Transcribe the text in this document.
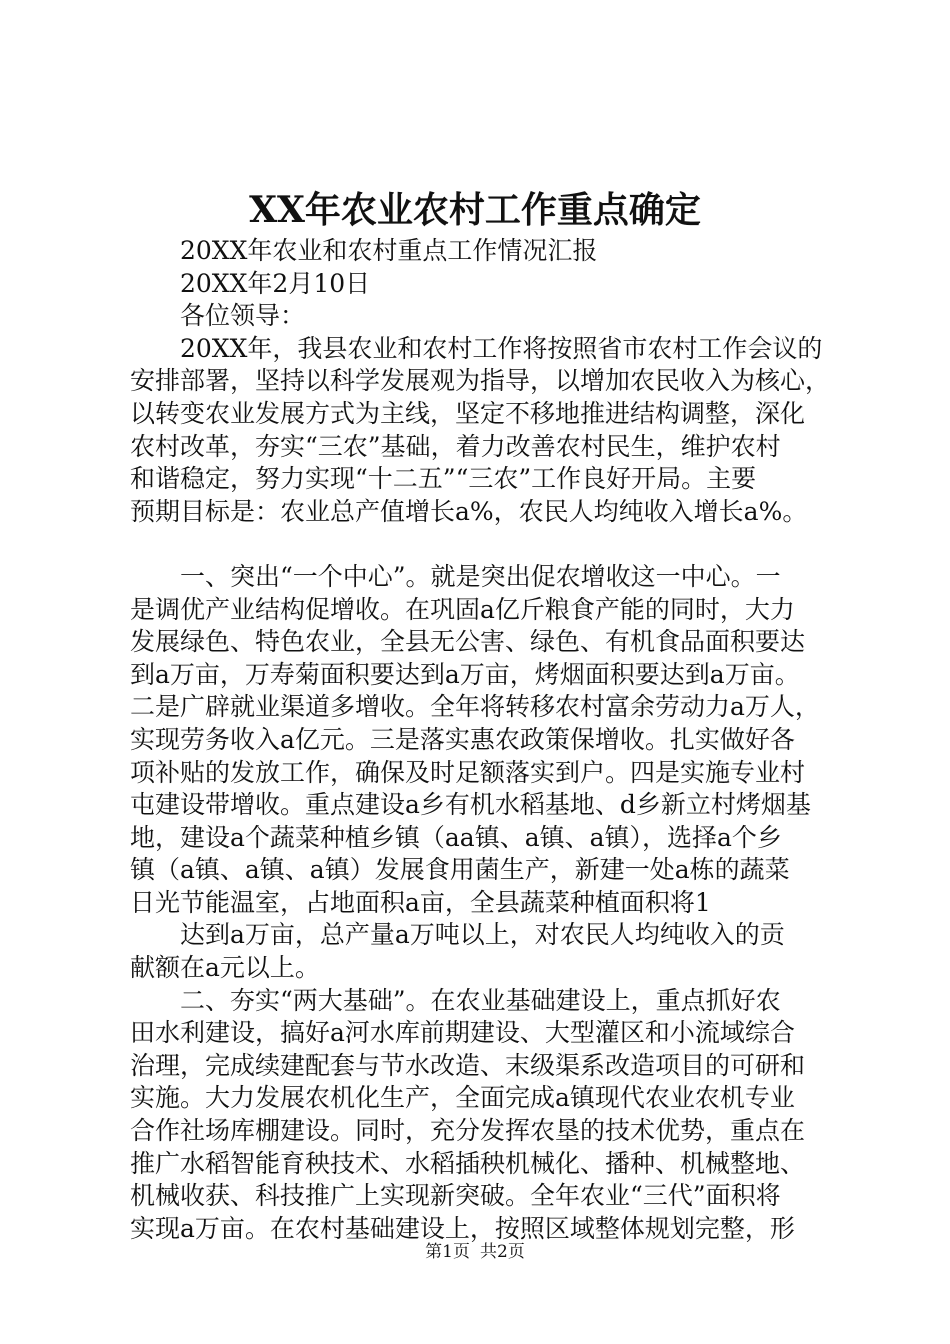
XX年农业农村工作重点确定
20XX年农业和农村重点工作情况汇报
20XX年2月10日
各位领导：
20XX年，我县农业和农村工作将按照省市农村工作会议的
安排部署，坚持以科学发展观为指导，以增加农民收入为核心，
以转变农业发展方式为主线，坚定不移地推进结构调整，深化
农村改革，夯实“三农”基础，着力改善农村民生，维护农村
和谐稳定，努力实现“十二五”“三农”工作良好开局。主要
预期目标是：农业总产值增长a%，农民人均纯收入增长a%。
一、突出“一个中心”。就是突出促农增收这一中心。一
是调优产业结构促增收。在巩固a亿斤粮食产能的同时，大力
发展绿色、特色农业，全县无公害、绿色、有机食品面积要达
到a万亩，万寿菊面积要达到a万亩，烤烟面积要达到a万亩。
二是广辟就业渠道多增收。全年将转移农村富余劳动力a万人，
实现劳务收入a亿元。三是落实惠农政策保增收。扎实做好各
项补贴的发放工作，确保及时足额落实到户。四是实施专业村
屯建设带增收。重点建设a乡有机水稻基地、d乡新立村烤烟基
地，建设a个蔬菜种植乡镇（aa镇、a镇、a镇），选择a个乡
镇（a镇、a镇、a镇）发展食用菌生产，新建一处a栋的蔬菜
日光节能温室，占地面积a亩，全县蔬菜种植面积将1
达到a万亩，总产量a万吨以上，对农民人均纯收入的贡
献额在a元以上。
二、夯实“两大基础”。在农业基础建设上，重点抓好农
田水利建设，搞好a河水库前期建设、大型灌区和小流域综合
治理，完成续建配套与节水改造、末级渠系改造项目的可研和
实施。大力发展农机化生产，全面完成a镇现代农业农机专业
合作社场库棚建设。同时，充分发挥农垦的技术优势，重点在
推广水稻智能育秧技术、水稻插秧机械化、播种、机械整地、
机械收获、科技推广上实现新突破。全年农业“三代”面积将
实现a万亩。在农村基础建设上，按照区域整体规划完整，形
第1页 共2页
